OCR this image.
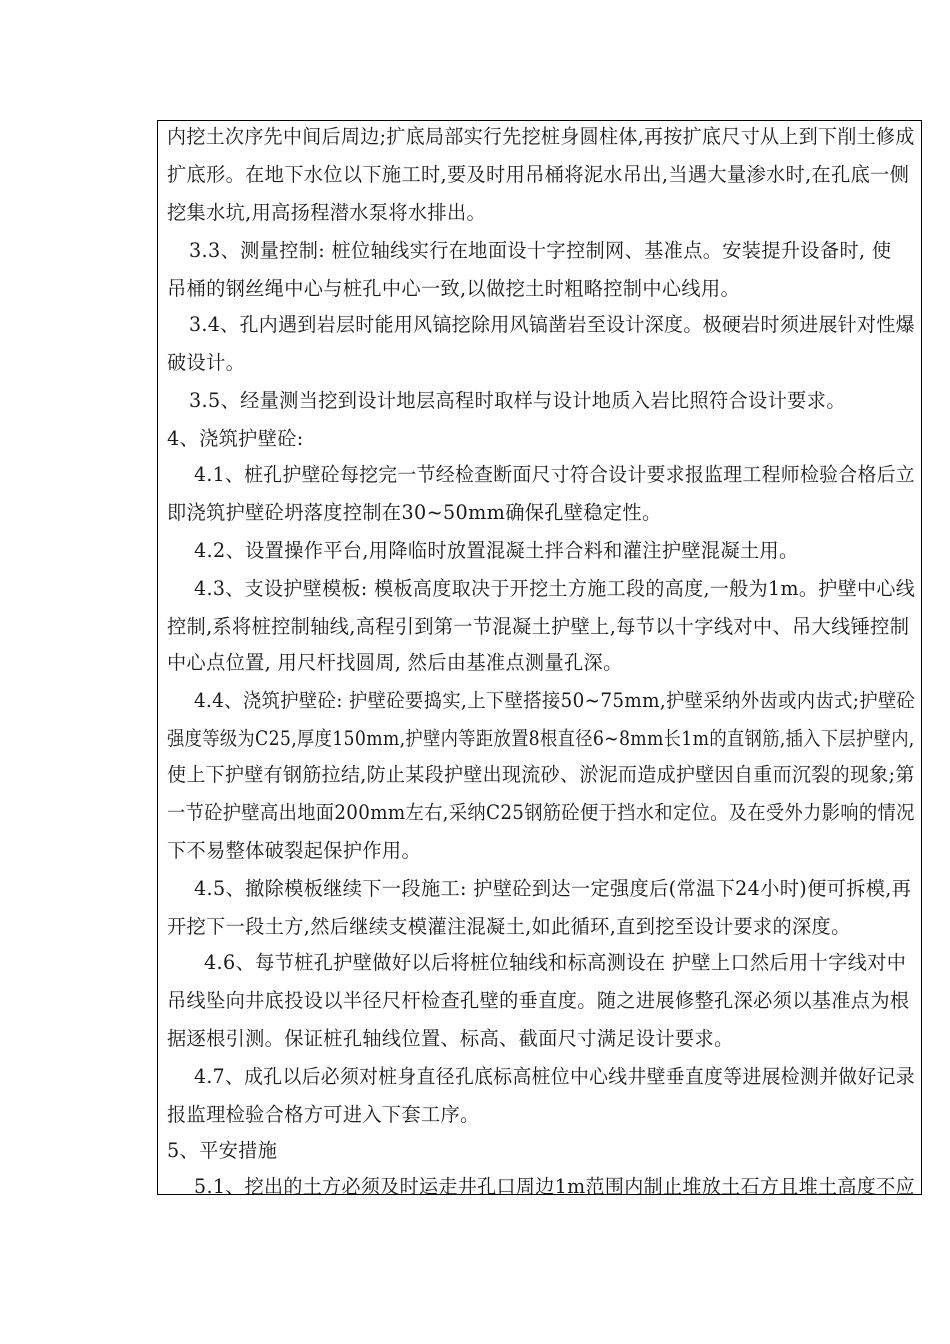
内挖土次序先中间后周边;扩底局部实行先挖桩身圆柱体,再按扩底尺寸从上到下削土修成
扩底形。在地下水位以下施工时,要及时用吊桶将泥水吊出,当遇大量渗水时,在孔底一侧
挖集水坑,用高扬程潜水泵将水排出。
3.3、测量控制: 桩位轴线实行在地面设十字控制网、基准点。安装提升设备时, 使
吊桶的钢丝绳中心与桩孔中心一致,以做挖土时粗略控制中心线用。
3.4、孔内遇到岩层时能用风镐挖除用风镐凿岩至设计深度。极硬岩时须进展针对性爆
破设计。
3.5、经量测当挖到设计地层高程时取样与设计地质入岩比照符合设计要求。
4、浇筑护壁砼:
4.1、桩孔护壁砼每挖完一节经检查断面尺寸符合设计要求报监理工程师检验合格后立
即浇筑护壁砼坍落度控制在30~50mm确保孔壁稳定性。
4.2、设置操作平台,用降临时放置混凝土拌合料和灌注护壁混凝土用。
4.3、支设护壁模板: 模板高度取决于开挖土方施工段的高度,一般为1m。护壁中心线
控制,系将桩控制轴线,高程引到第一节混凝土护壁上,每节以十字线对中、吊大线锤控制
中心点位置, 用尺杆找圆周, 然后由基准点测量孔深。
4.4、浇筑护壁砼: 护壁砼要捣实,上下壁搭接50~75mm,护壁采纳外齿或内齿式;护壁砼
强度等级为C25,厚度150mm,护壁内等距放置8根直径6~8mm长1m的直钢筋,插入下层护壁内,
使上下护壁有钢筋拉结,防止某段护壁出现流砂、淤泥而造成护壁因自重而沉裂的现象;第
一节砼护壁高出地面200mm左右,采纳C25钢筋砼便于挡水和定位。及在受外力影响的情况
下不易整体破裂起保护作用。
4.5、撤除模板继续下一段施工: 护壁砼到达一定强度后(常温下24小时)便可拆模,再
开挖下一段土方,然后继续支模灌注混凝土,如此循环,直到挖至设计要求的深度。
4.6、每节桩孔护壁做好以后将桩位轴线和标高测设在 护壁上口然后用十字线对中
吊线坠向井底投设以半径尺杆检查孔壁的垂直度。随之进展修整孔深必须以基准点为根
据逐根引测。保证桩孔轴线位置、标高、截面尺寸满足设计要求。
4.7、成孔以后必须对桩身直径孔底标高桩位中心线井壁垂直度等进展检测并做好记录
报监理检验合格方可进入下套工序。
5、平安措施
5.1、挖出的土方必须及时运走井孔口周边1m范围内制止堆放土石方且堆土高度不应
